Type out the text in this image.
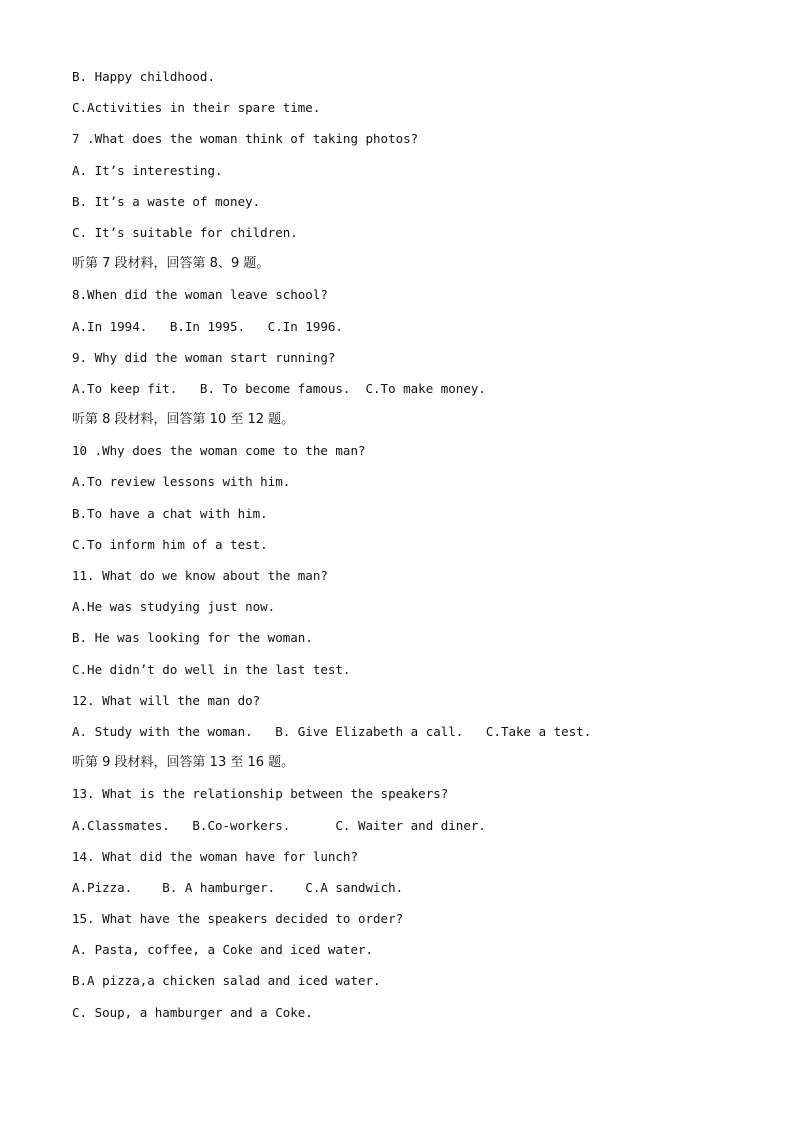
B. Happy childhood.
C.Activities in their spare time.
7 .What does the woman think of taking photos?
A. It’s interesting.
B. It’s a waste of money.
C. It’s suitable for children.
听第 7 段材料，回答第 8、9 题。
8.When did the woman leave school?
A.In 1994.   B.In 1995.   C.In 1996.
9. Why did the woman start running?
A.To keep fit.   B. To become famous.  C.To make money.
听第 8 段材料，回答第 10 至 12 题。
10 .Why does the woman come to the man?
A.To review lessons with him.
B.To have a chat with him.
C.To inform him of a test.
11. What do we know about the man?
A.He was studying just now.
B. He was looking for the woman.
C.He didn’t do well in the last test.
12. What will the man do?
A. Study with the woman.   B. Give Elizabeth a call.   C.Take a test.
听第 9 段材料，回答第 13 至 16 题。
13. What is the relationship between the speakers?
A.Classmates.   B.Co-workers.      C. Waiter and diner.
14. What did the woman have for lunch?
A.Pizza.    B. A hamburger.    C.A sandwich.
15. What have the speakers decided to order?
A. Pasta, coffee, a Coke and iced water.
B.A pizza,a chicken salad and iced water.
C. Soup, a hamburger and a Coke.
